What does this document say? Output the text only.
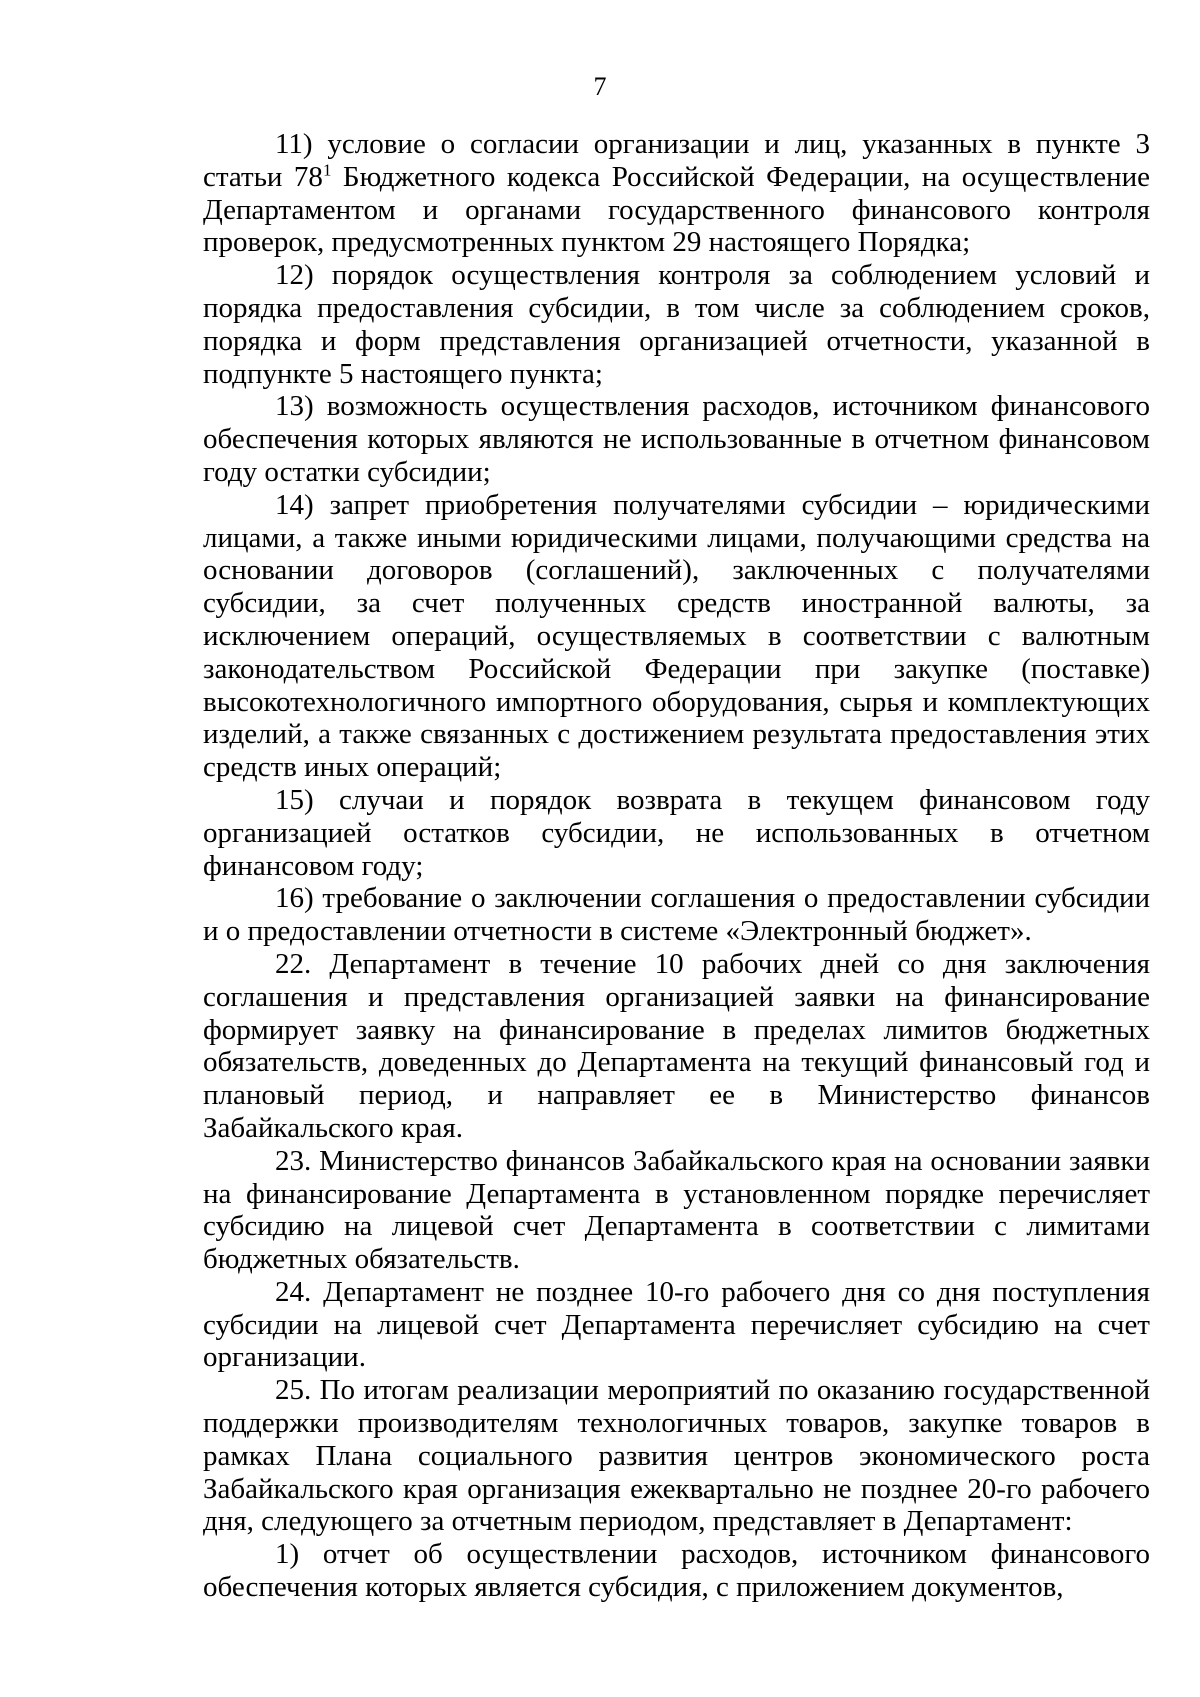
7

11) условие о согласии организации и лиц, указанных в пункте 3 статьи $78^1$ Бюджетного кодекса Российской Федерации, на осуществление Департаментом и органами государственного финансового контроля проверок, предусмотренных пунктом 29 настоящего Порядка;

12) порядок осуществления контроля за соблюдением условий и порядка предоставления субсидии, в том числе за соблюдением сроков, порядка и форм представления организацией отчетности, указанной в подпункте 5 настоящего пункта;

13) возможность осуществления расходов, источником финансового обеспечения которых являются не использованные в отчетном финансовом году остатки субсидии;

14) запрет приобретения получателями субсидии – юридическими лицами, а также иными юридическими лицами, получающими средства на основании договоров (соглашений), заключенных с получателями субсидии, за счет полученных средств иностранной валюты, за исключением операций, осуществляемых в соответствии с валютным законодательством Российской Федерации при закупке (поставке) высокотехнологичного импортного оборудования, сырья и комплектующих изделий, а также связанных с достижением результата предоставления этих средств иных операций;

15) случаи и порядок возврата в текущем финансовом году организацией остатков субсидии, не использованных в отчетном финансовом году;

16) требование о заключении соглашения о предоставлении субсидии и о предоставлении отчетности в системе «Электронный бюджет».

22. Департамент в течение 10 рабочих дней со дня заключения соглашения и представления организацией заявки на финансирование формирует заявку на финансирование в пределах лимитов бюджетных обязательств, доведенных до Департамента на текущий финансовый год и плановый период, и направляет ее в Министерство финансов Забайкальского края.

23. Министерство финансов Забайкальского края на основании заявки на финансирование Департамента в установленном порядке перечисляет субсидию на лицевой счет Департамента в соответствии с лимитами бюджетных обязательств.

24. Департамент не позднее 10-го рабочего дня со дня поступления субсидии на лицевой счет Департамента перечисляет субсидию на счет организации.

25. По итогам реализации мероприятий по оказанию государственной поддержки производителям технологичных товаров, закупке товаров в рамках Плана социального развития центров экономического роста Забайкальского края организация ежеквартально не позднее 20-го рабочего дня, следующего за отчетным периодом, представляет в Департамент:

1) отчет об осуществлении расходов, источником финансового обеспечения которых является субсидия, с приложением документов,
